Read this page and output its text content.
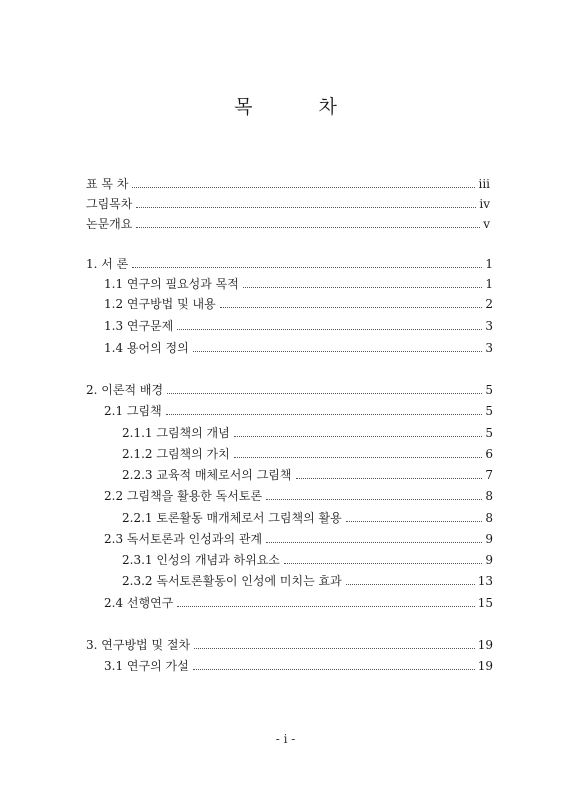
목 차
표 목 차	iii
그림목차	iv
논문개요	v
1. 서 론	1
1.1 연구의 필요성과 목적	1
1.2 연구방법 및 내용	2
1.3 연구문제	3
1.4 용어의 정의	3
2. 이론적 배경	5
2.1 그림책	5
2.1.1 그림책의 개념	5
2.1.2 그림책의 가치	6
2.2.3 교육적 매체로서의 그림책	7
2.2 그림책을 활용한 독서토론	8
2.2.1 토론활동 매개체로서 그림책의 활용	8
2.3 독서토론과 인성과의 관계	9
2.3.1 인성의 개념과 하위요소	9
2.3.2 독서토론활동이 인성에 미치는 효과	13
2.4 선행연구	15
3. 연구방법 및 절차	19
3.1 연구의 가설	19
- i -
